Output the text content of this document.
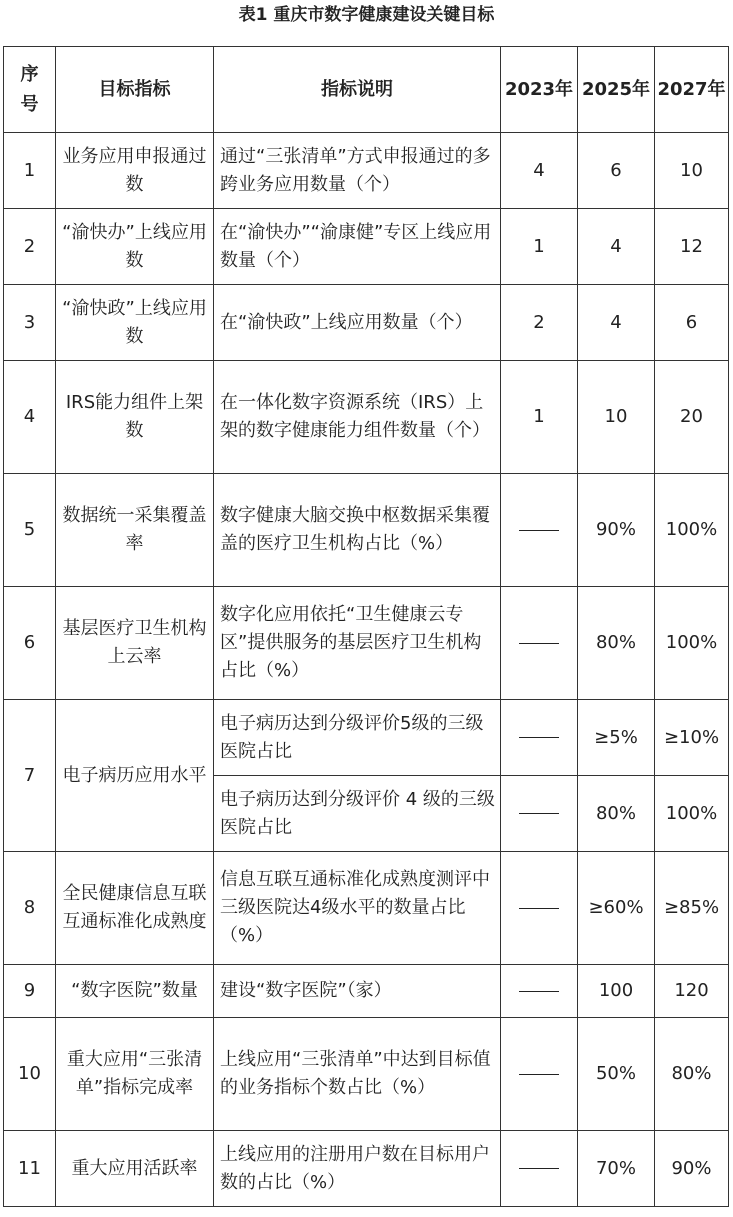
表1 重庆市数字健康建设关键目标
序号	目标指标	指标说明	2023年	2025年	2027年
1	业务应用申报通过数	通过“三张清单”方式申报通过的多跨业务应用数量（个）	4	6	10
2	“渝快办”上线应用数	在“渝快办”“渝康健”专区上线应用数量（个）	1	4	12
3	“渝快政”上线应用数	在“渝快政”上线应用数量（个）	2	4	6
4	IRS能力组件上架数	在一体化数字资源系统（IRS）上架的数字健康能力组件数量（个）	1	10	20
5	数据统一采集覆盖率	数字健康大脑交换中枢数据采集覆盖的医疗卫生机构占比（%）		90%	100%
6	基层医疗卫生机构上云率	数字化应用依托“卫生健康云专区”提供服务的基层医疗卫生机构占比（%）		80%	100%
7	电子病历应用水平	电子病历达到分级评价5级的三级医院占比		≥5%	≥10%
		电子病历达到分级评价 4 级的三级医院占比		80%	100%
8	全民健康信息互联互通标准化成熟度	信息互联互通标准化成熟度测评中三级医院达4级水平的数量占比（%）		≥60%	≥85%
9	“数字医院”数量	建设“数字医院”（家）		100	120
10	重大应用“三张清单”指标完成率	上线应用“三张清单”中达到目标值的业务指标个数占比（%）		50%	80%
11	重大应用活跃率	上线应用的注册用户数在目标用户数的占比（%）		70%	90%
